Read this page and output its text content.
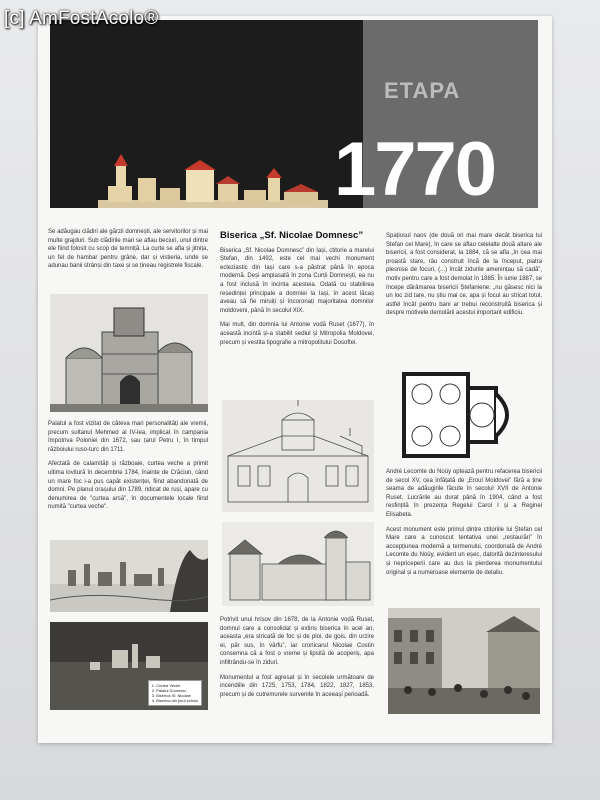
[c] AmFostAcolo®
ETAPA
1770

Se adăugau clădiri ale gărzii domnești, ale servitorilor și mai multe grajduri. Sub clădirile mari se aflau beciuri, unul dintre ele fiind folosit cu scop de temniță. La curte se afla și jitnița, un fel de hambar pentru grâne, dar și vistieria, unde se adunau banii strânși din taxe și se țineau registrele fiscale.

Palatul a fost vizitat de câteva mari personalități ale vremii, precum sultanul Mehmed al IV-lea, implicat în campania împotriva Poloniei din 1672, sau țarul Petru I, în timpul războiului ruso-turc din 1711.

Afectată de calamități și războaie, curtea veche a primit ultima lovitură în decembrie 1784, înainte de Crăciun, când un mare foc i-a pus capăt existenței, fiind abandonată de domni. Pe planul orașului din 1789, ridicat de ruși, apare cu denumirea de "curtea arsă", în documentele locale fiind numită "curtea veche".

1. Curtea Veche
2. Palatul Domnesc
3. Biserica Sf. Nicolae
4. Biserica din jurul zidului
Biserica „Sf. Nicolae Domnesc”

Biserica „Sf. Nicolae Domnesc” din Iași, ctitorie a marelui Ștefan, din 1492, este cel mai vechi monument ecleziastic din Iași care s-a păstrat până în epoca modernă. Deși amplasată în zona Curții Domnești, ea nu a fost inclusă în incinta acesteia. Odată cu stabilirea reședinței principale a domniei la Iași, în acest lăcaș aveau să fie miruiți și încoronați majoritatea domnilor moldoveni, până în secolul XIX.

Mai mult, din domnia lui Antonie vodă Ruset (1677), în această incintă și-a stabilit sediul și Mitropolia Moldovei, precum și vestita tipografie a mitropolitului Dosoftei.

Potrivit unui hrisov din 1678, de la Antonie vodă Ruset, domnul care a consolidat și extins biserica în acel an, aceasta „era stricată de foc și de ploi, de gois, din urzire ei, păr sus, în vârfu”, iar cronicarul Nicolae Costin consemna că a fost o vreme și lipsită de acoperiș, apa infiltrându-se în ziduri.

Monumentul a fost agresat și în secolele următoare de incendiile din 1725, 1753, 1784, 1822, 1827, 1853, precum și de cutremurele survenite în aceeași perioadă.

Spațiosul naos (de două ori mai mare decât biserica lui Ștefan cel Mare), în care se aflau celelalte două altare ale bisericii, a fost considerat, la 1884, că se afla „în cea mai proastă stare, râu construit încă de la început, piatra plesnise de focuri, (...) încât zidurile amenințau să cadă”, motiv pentru care a fost demolat în 1885. În iunie 1887, se începe dărâmarea bisericii Ștefaniene: „nu găsesc nici la un loc zid tare, nu știu mai ce, apa și focul au stricat totul, astfel încât pentru bani ar trebui reconstruită biserica și despre motivele demolării acestui important edificiu.

André Lecomte du Noüy optează pentru refacerea bisericii de secol XV, cea înfățată de „Eroul Moldovei” fără a ține seama de adăugirile făcute în secolul XVII de Antonie Ruset. Lucrările au durat până în 1904, când a fost resfințită în prezența Regelui Carol I și a Reginei Elisabeta.

Acest monument este primul dintre ctitoriile lui Ștefan cel Mare care a cunoscut tentativa unei „restaurări” în accepțiunea modernă a termenului, coordonată de André Lecomte du Noüy, evident un eșec, datorită dezinteresului și nepriceperii care au dus la pierderea monumentului original și a numeroase elemente de detaliu.
